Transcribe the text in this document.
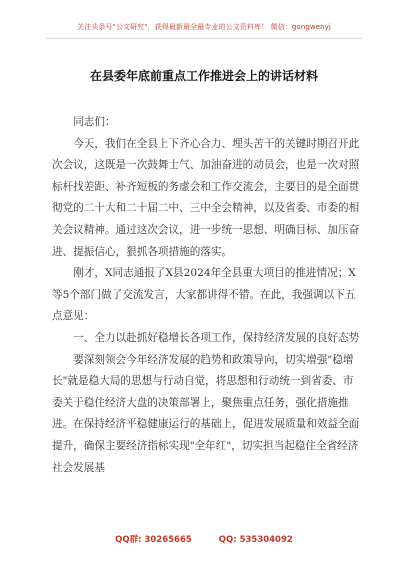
关注头条号"公文研究"，获得最新最全最专业的公文资料库！ 微信：gongwenyj
在县委年底前重点工作推进会上的讲话材料

同志们：

今天，我们在全县上下齐心合力、埋头苦干的关键时期召开此次会议，这既是一次鼓舞士气、加油奋进的动员会，也是一次对照标杆找差距、补齐短板的务虚会和工作交流会，主要目的是全面贯彻党的二十大和二十届二中、三中全会精神，以及省委、市委的相关会议精神。通过这次会议，进一步统一思想、明确目标、加压奋进、提振信心，狠抓各项措施的落实。

刚才，X同志通报了X县2024年全县重大项目的推进情况；X等5个部门做了交流发言，大家都讲得不错。在此，我强调以下五点意见：

一、全力以赴抓好稳增长各项工作，保持经济发展的良好态势

要深刻领会今年经济发展的趋势和政策导向，切实增强"稳增长"就是稳大局的思想与行动自觉，将思想和行动统一到省委、市委关于稳住经济大盘的决策部署上，聚焦重点任务，强化措施推进。在保持经济平稳健康运行的基础上，促进发展质量和效益全面提升，确保主要经济指标实现"全年红"，切实担当起稳住全省经济社会发展基

QQ群: 30265665	QQ: 535304092
